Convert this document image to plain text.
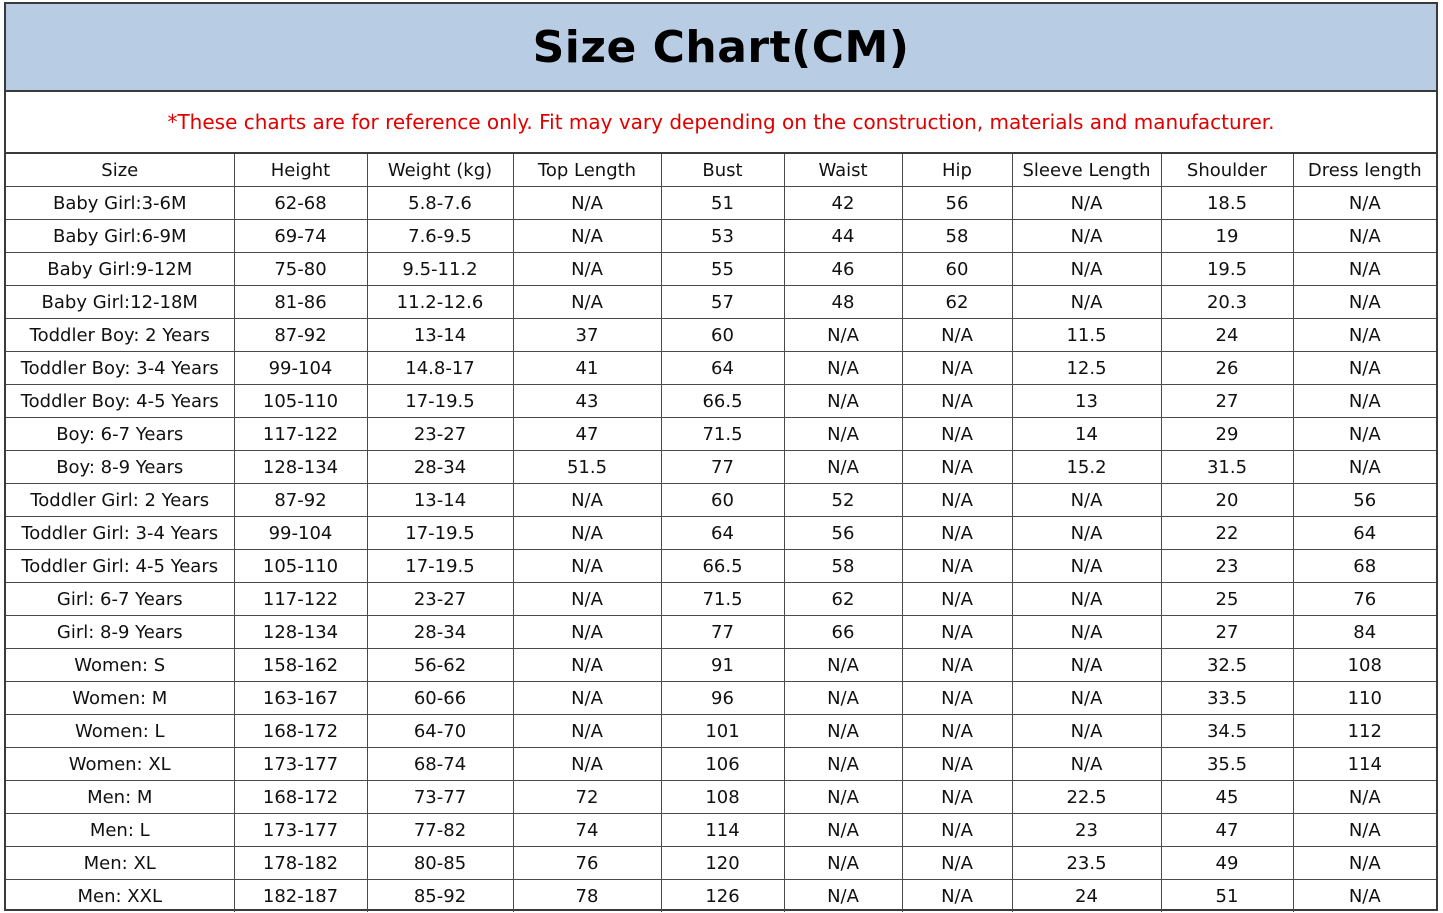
Size Chart(CM)
*These charts are for reference only. Fit may vary depending on the construction, materials and manufacturer.
Size	Height	Weight (kg)	Top Length	Bust	Waist	Hip	Sleeve Length	Shoulder	Dress length
Baby Girl:3-6M	62-68	5.8-7.6	N/A	51	42	56	N/A	18.5	N/A
Baby Girl:6-9M	69-74	7.6-9.5	N/A	53	44	58	N/A	19	N/A
Baby Girl:9-12M	75-80	9.5-11.2	N/A	55	46	60	N/A	19.5	N/A
Baby Girl:12-18M	81-86	11.2-12.6	N/A	57	48	62	N/A	20.3	N/A
Toddler Boy: 2 Years	87-92	13-14	37	60	N/A	N/A	11.5	24	N/A
Toddler Boy: 3-4 Years	99-104	14.8-17	41	64	N/A	N/A	12.5	26	N/A
Toddler Boy: 4-5 Years	105-110	17-19.5	43	66.5	N/A	N/A	13	27	N/A
Boy: 6-7 Years	117-122	23-27	47	71.5	N/A	N/A	14	29	N/A
Boy: 8-9 Years	128-134	28-34	51.5	77	N/A	N/A	15.2	31.5	N/A
Toddler Girl: 2 Years	87-92	13-14	N/A	60	52	N/A	N/A	20	56
Toddler Girl: 3-4 Years	99-104	17-19.5	N/A	64	56	N/A	N/A	22	64
Toddler Girl: 4-5 Years	105-110	17-19.5	N/A	66.5	58	N/A	N/A	23	68
Girl: 6-7 Years	117-122	23-27	N/A	71.5	62	N/A	N/A	25	76
Girl: 8-9 Years	128-134	28-34	N/A	77	66	N/A	N/A	27	84
Women: S	158-162	56-62	N/A	91	N/A	N/A	N/A	32.5	108
Women: M	163-167	60-66	N/A	96	N/A	N/A	N/A	33.5	110
Women: L	168-172	64-70	N/A	101	N/A	N/A	N/A	34.5	112
Women: XL	173-177	68-74	N/A	106	N/A	N/A	N/A	35.5	114
Men: M	168-172	73-77	72	108	N/A	N/A	22.5	45	N/A
Men: L	173-177	77-82	74	114	N/A	N/A	23	47	N/A
Men: XL	178-182	80-85	76	120	N/A	N/A	23.5	49	N/A
Men: XXL	182-187	85-92	78	126	N/A	N/A	24	51	N/A
